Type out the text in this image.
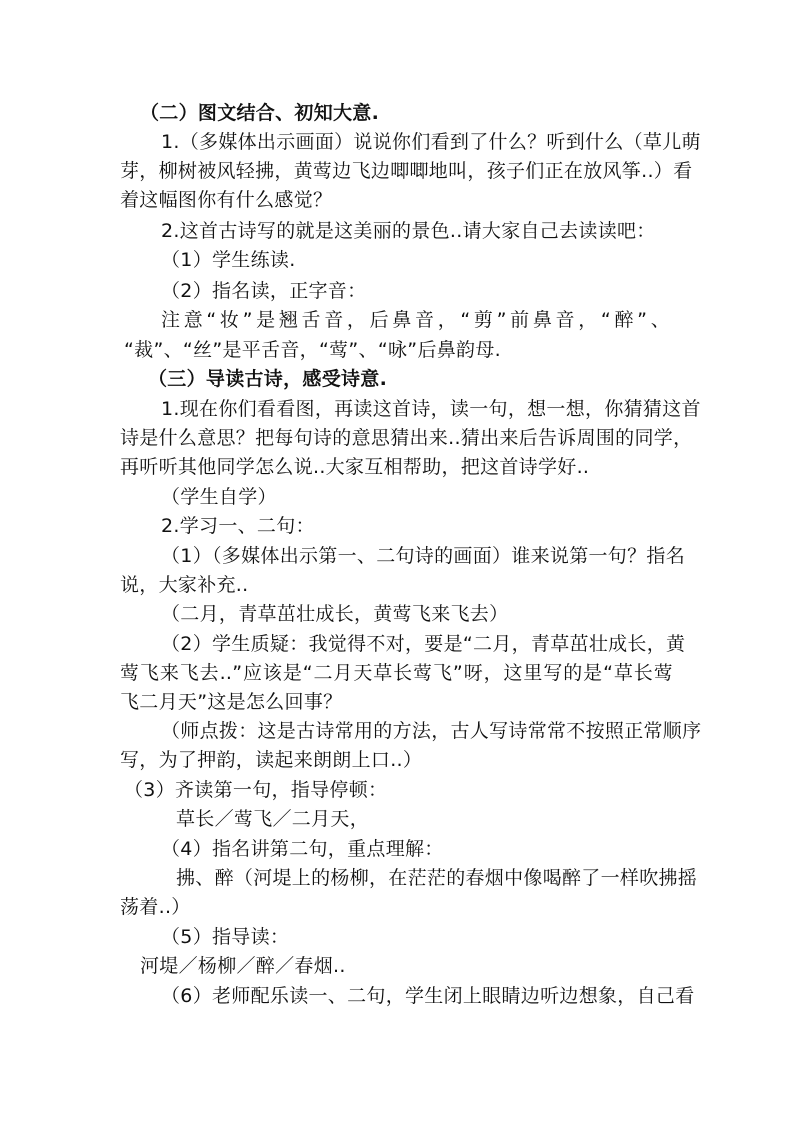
（二）图文结合、初知大意.
1.（多媒体出示画面）说说你们看到了什么？听到什么（草儿萌
芽，柳树被风轻拂，黄莺边飞边唧唧地叫，孩子们正在放风筝..）看
着这幅图你有什么感觉？
2.这首古诗写的就是这美丽的景色..请大家自己去读读吧：
（1）学生练读.
（2）指名读，正字音：
注意“妆”是翘舌音，后鼻音，“剪”前鼻音，“醉”、
“裁”、“丝”是平舌音，“莺”、“咏”后鼻韵母.
（三）导读古诗，感受诗意.
1.现在你们看看图，再读这首诗，读一句，想一想，你猜猜这首
诗是什么意思？把每句诗的意思猜出来..猜出来后告诉周围的同学，
再听听其他同学怎么说..大家互相帮助，把这首诗学好..
（学生自学）
2.学习一、二句：
（1）（多媒体出示第一、二句诗的画面）谁来说第一句？指名
说，大家补充..
（二月，青草茁壮成长，黄莺飞来飞去）
（2）学生质疑：我觉得不对，要是“二月，青草茁壮成长，黄
莺飞来飞去..”应该是“二月天草长莺飞”呀，这里写的是“草长莺
飞二月天”这是怎么回事？
（师点拨：这是古诗常用的方法，古人写诗常常不按照正常顺序
写，为了押韵，读起来朗朗上口..）
（3）齐读第一句，指导停顿：
草长／莺飞／二月天，
（4）指名讲第二句，重点理解：
拂、醉（河堤上的杨柳，在茫茫的春烟中像喝醉了一样吹拂摇
荡着..）
（5）指导读：
河堤／杨柳／醉／春烟..
（6）老师配乐读一、二句，学生闭上眼睛边听边想象，自己看
